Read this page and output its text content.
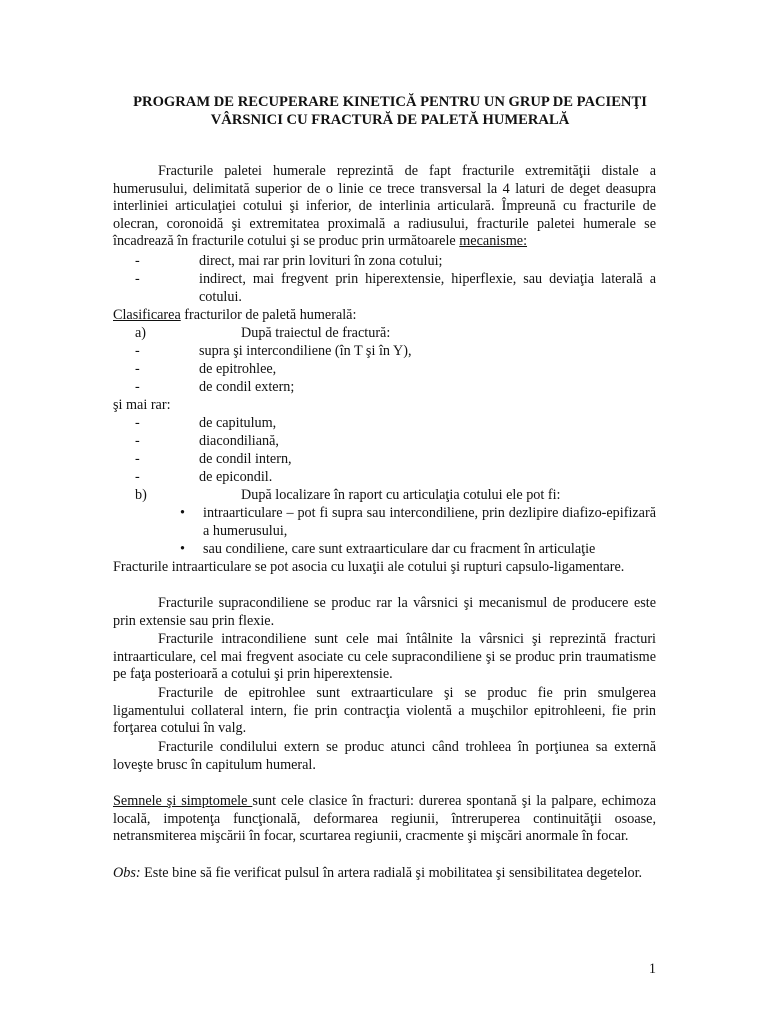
PROGRAM DE RECUPERARE KINETICĂ PENTRU UN GRUP DE PACIENŢI
VÂRSNICI CU FRACTURĂ DE PALETĂ HUMERALĂ
Fracturile paletei humerale reprezintă de fapt fracturile extremităţii distale a humerusului, delimitată superior de o linie ce trece transversal la 4 laturi de deget deasupra interliniei articulaţiei cotului şi inferior, de interlinia articulară. Împreună cu fracturile de olecran, coronoidă şi extremitatea proximală a radiusului, fracturile paletei humerale se încadrează în fracturile cotului şi se produc prin următoarele mecanisme:
-	direct, mai rar prin lovituri în zona cotului;
-	indirect, mai fregvent prin hiperextensie, hiperflexie, sau deviaţia laterală a cotului.
Clasificarea fracturilor de paletă humerală:
a)	După traiectul de fractură:
-	supra şi intercondiliene (în T şi în Y),
-	de epitrohlee,
-	de condil extern;
şi mai rar:
-	de capitulum,
-	diacondiliană,
-	de condil intern,
-	de epicondil.
b)	După localizare în raport cu articulaţia cotului ele pot fi:
• intraarticulare – pot fi supra sau intercondiliene, prin dezlipire diafizo-epifizară a humerusului,
• sau condiliene, care sunt extraarticulare dar cu fracment în articulaţie
Fracturile intraarticulare se pot asocia cu luxaţii ale cotului şi rupturi capsulo-ligamentare.
Fracturile supracondiliene se produc rar la vârsnici şi mecanismul de producere este prin extensie sau prin flexie.
Fracturile intracondiliene sunt cele mai întâlnite la vârsnici şi reprezintă fracturi intraarticulare, cel mai fregvent asociate cu cele supracondiliene şi se produc prin traumatisme pe faţa posterioară a cotului şi prin hiperextensie.
Fracturile de epitrohlee sunt extraarticulare şi se produc fie prin smulgerea ligamentului collateral intern, fie prin contracţia violentă a muşchilor epitrohleeni, fie prin forţarea cotului în valg.
Fracturile condilului extern se produc atunci când trohleea în porţiunea sa externă loveşte brusc în capitulum humeral.
Semnele şi simptomele sunt cele clasice în fracturi: durerea spontană şi la palpare, echimoza locală, impotenţa funcţională, deformarea regiunii, întreruperea continuităţii osoase, netransmiterea mişcării în focar, scurtarea regiunii, cracmente şi mişcări anormale în focar.
Obs: Este bine să fie verificat pulsul în artera radială şi mobilitatea şi sensibilitatea degetelor.
1
